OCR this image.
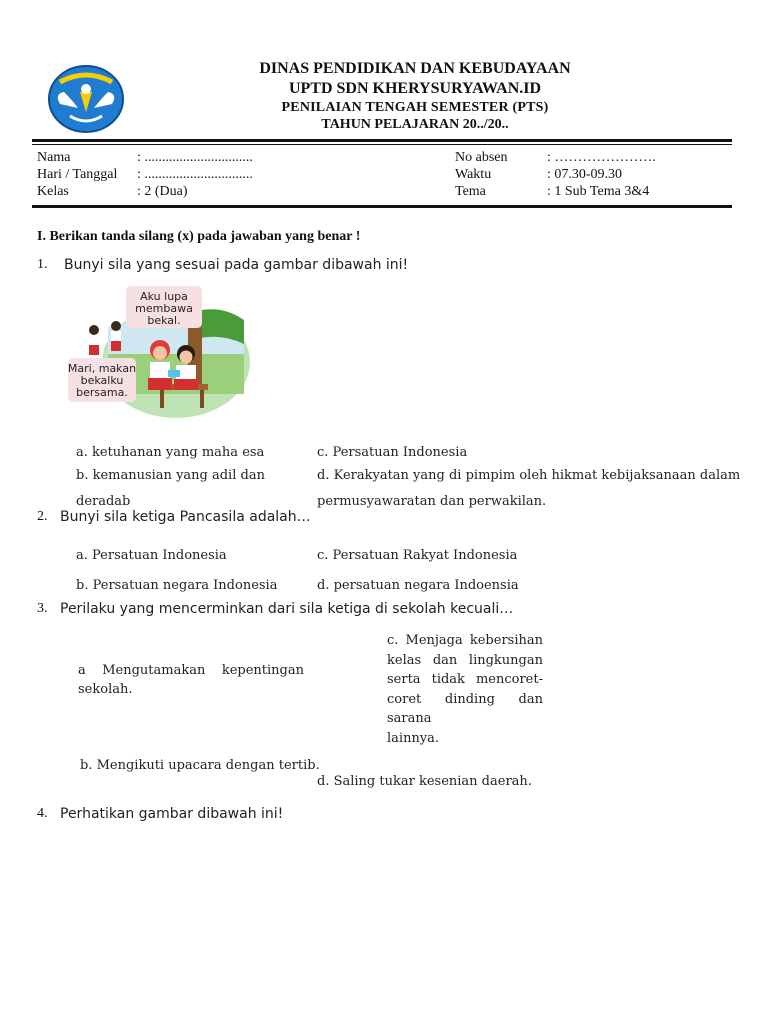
DINAS PENDIDIKAN DAN KEBUDAYAAN
UPTD SDN KHERYSURYAWAN.ID
PENILAIAN TENGAH SEMESTER (PTS)
TAHUN PELAJARAN 20../20..
Nama	: ...............................
Hari / Tanggal : ...............................
Kelas	: 2 (Dua)
No absen	: ………………….
Waktu	: 07.30-09.30
Tema	: 1 Sub Tema 3&4
I. Berikan tanda silang (x) pada jawaban yang benar !
1. Bunyi sila yang sesuai pada gambar dibawah ini!
Aku lupa
membawa
bekal.
Mari, makan
bekalku
bersama.
a. ketuhanan yang maha esa	c. Persatuan Indonesia
b. kemanusian yang adil dan	d. Kerakyatan yang di pimpim oleh hikmat kebijaksanaan dalam
deradab	permusyawaratan dan perwakilan.
2. Bunyi sila ketiga Pancasila adalah…
a. Persatuan Indonesia	c. Persatuan Rakyat Indonesia
b. Persatuan negara Indonesia	d. persatuan negara Indoensia
3. Perilaku yang mencerminkan dari sila ketiga di sekolah kecuali…
a Mengutamakan kepentingan
sekolah.
c. Menjaga kebersihan
kelas dan lingkungan
serta tidak mencoret-
coret dinding dan sarana
lainnya.
b. Mengikuti upacara dengan tertib.
d. Saling tukar kesenian daerah.
4. Perhatikan gambar dibawah ini!
